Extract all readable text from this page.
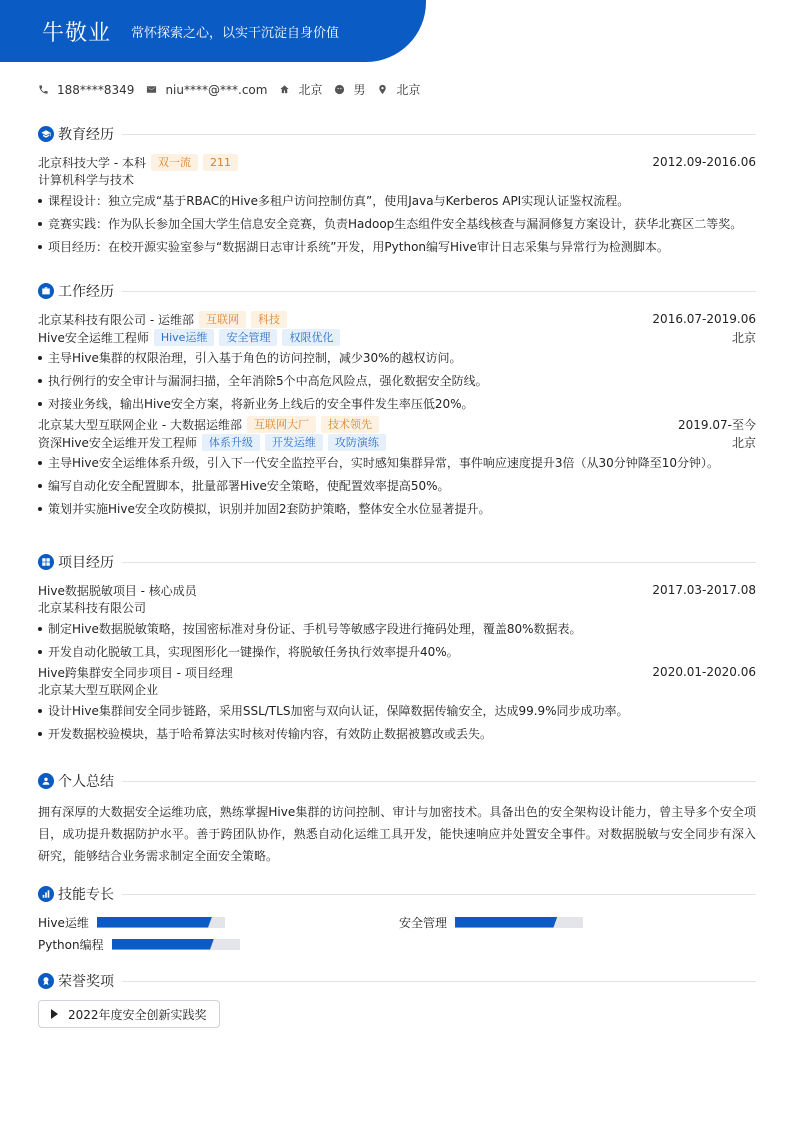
牛敬业 常怀探索之心，以实干沉淀自身价值
188****8349	niu****@***.com	北京	男	北京
教育经历
北京科技大学 - 本科	双一流	211	2012.09-2016.06
计算机科学与技术
课程设计：独立完成“基于RBAC的Hive多租户访问控制仿真”，使用Java与Kerberos API实现认证鉴权流程。
竞赛实践：作为队长参加全国大学生信息安全竞赛，负责Hadoop生态组件安全基线核查与漏洞修复方案设计，获华北赛区二等奖。
项目经历：在校开源实验室参与“数据湖日志审计系统”开发，用Python编写Hive审计日志采集与异常行为检测脚本。
工作经历
北京某科技有限公司 - 运维部	互联网	科技	2016.07-2019.06
Hive安全运维工程师	Hive运维	安全管理	权限优化	北京
主导Hive集群的权限治理，引入基于角色的访问控制，减少30%的越权访问。
执行例行的安全审计与漏洞扫描，全年消除5个中高危风险点，强化数据安全防线。
对接业务线，输出Hive安全方案，将新业务上线后的安全事件发生率压低20%。
北京某大型互联网企业 - 大数据运维部	互联网大厂	技术领先	2019.07-至今
资深Hive安全运维开发工程师	体系升级	开发运维	攻防演练	北京
主导Hive安全运维体系升级，引入下一代安全监控平台，实时感知集群异常，事件响应速度提升3倍（从30分钟降至10分钟）。
编写自动化安全配置脚本，批量部署Hive安全策略，使配置效率提高50%。
策划并实施Hive安全攻防模拟，识别并加固2套防护策略，整体安全水位显著提升。
项目经历
Hive数据脱敏项目 - 核心成员	2017.03-2017.08
北京某科技有限公司
制定Hive数据脱敏策略，按国密标准对身份证、手机号等敏感字段进行掩码处理，覆盖80%数据表。
开发自动化脱敏工具，实现图形化一键操作，将脱敏任务执行效率提升40%。
Hive跨集群安全同步项目 - 项目经理	2020.01-2020.06
北京某大型互联网企业
设计Hive集群间安全同步链路，采用SSL/TLS加密与双向认证，保障数据传输安全，达成99.9%同步成功率。
开发数据校验模块，基于哈希算法实时核对传输内容，有效防止数据被篡改或丢失。
个人总结
拥有深厚的大数据安全运维功底，熟练掌握Hive集群的访问控制、审计与加密技术。具备出色的安全架构设计能力，曾主导多个安全项目，成功提升数据防护水平。善于跨团队协作，熟悉自动化运维工具开发，能快速响应并处置安全事件。对数据脱敏与安全同步有深入研究，能够结合业务需求制定全面安全策略。
技能专长
Hive运维	安全管理
Python编程
荣誉奖项
2022年度安全创新实践奖
